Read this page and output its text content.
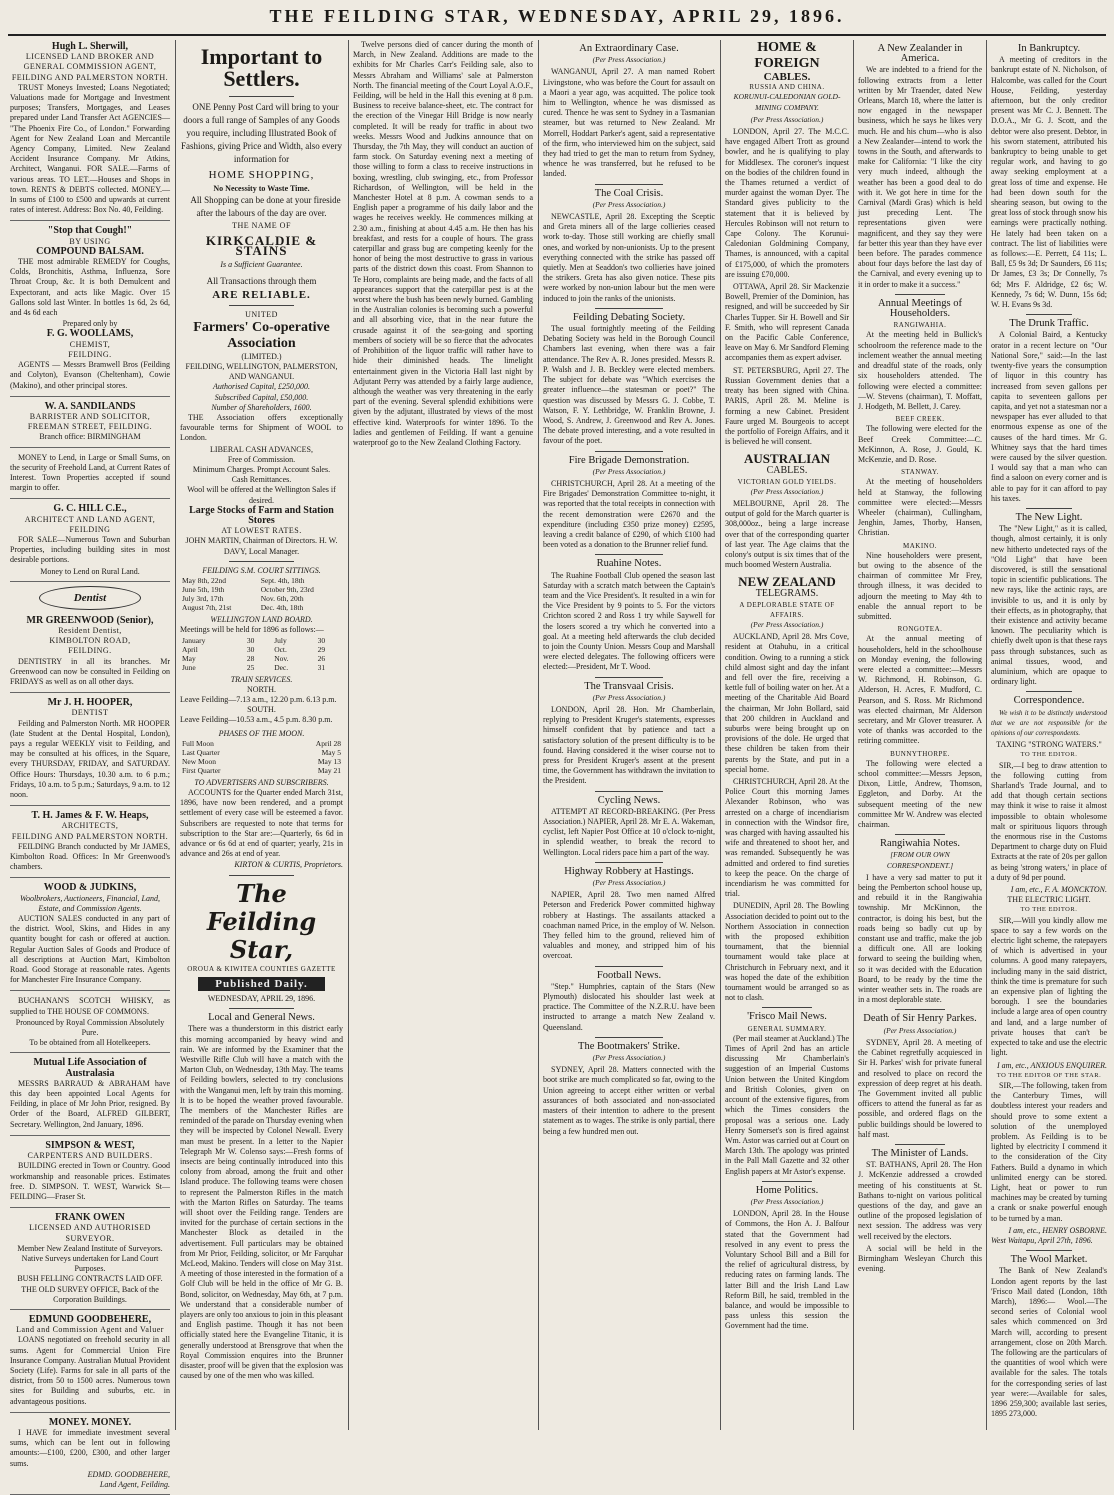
THE FEILDING STAR, WEDNESDAY, APRIL 29, 1896.
Hugh L. Sherwill,
LICENSED LAND BROKER AND
GENERAL COMMISSION AGENT,
FEILDING AND PALMERSTON NORTH.

TRUST Moneys Invested; Loans Negotiated; Valuations made for Mortgage and Investment purposes; Transfers, Mortgages, and Leases prepared under Land Transfer Act AGENCIES— "The Phoenix Fire Co., of London." Forwarding Agent for New Zealand Loan and Mercantile Agency Company, Limited. New Zealand Accident Insurance Company. Mr Atkins, Architect, Wanganui. FOR SALE.—Farms of various areas. TO LET.—Houses and Shops in town. RENTS & DEBTS collected. MONEY.—In sums of £100 to £500 and upwards at current rates of interest. Address: Box No. 40, Feilding.

"Stop that Cough!"
BY USING
COMPOUND BALSAM.

THE most admirable REMEDY for Coughs, Colds, Bronchitis, Asthma, Influenza, Sore Throat Croup, &c. It is both Demulcent and Expectorant, and acts like Magic. Over 15 Gallons sold last Winter. In bottles 1s 6d, 2s 6d, and 4s 6d each

Prepared only by
F. G. WOOLLAMS,
CHEMIST,
FEILDING.

AGENTS — Messrs Bramwell Bros (Feilding and Colyton), Evanson (Cheltenham), Cowie (Makino), and other principal stores.

W. A. SANDILANDS
BARRISTER AND SOLICITOR,
FREEMAN STREET, FEILDING.
Branch office: BIRMINGHAM

MONEY to Lend, in Large or Small Sums, on the security of Freehold Land, at Current Rates of Interest. Town Properties accepted if sound margin to offer.

G. C. HILL C.E.,
ARCHITECT AND LAND AGENT,
FEILDING

FOR SALE—Numerous Town and Suburban Properties, including building sites in most desirable portions.

Money to Lend on Rural Land.
Dentist
MR GREENWOOD (Senior),
Resident Dentist,
KIMBOLTON ROAD,
FEILDING.

DENTISTRY in all its branches. Mr Greenwood can now be consulted in Feilding on FRIDAYS as well as on all other days.

Mr J. H. HOOPER,
DENTIST

Feilding and Palmerston North. MR HOOPER (late Student at the Dental Hospital, London), pays a regular WEEKLY visit to Feilding, and may be consulted at his offices, in the Square, every THURSDAY, FRIDAY, and SATURDAY. Office Hours: Thursdays, 10.30 a.m. to 6 p.m.; Fridays, 10 a.m. to 5 p.m.; Saturdays, 9 a.m. to 12 noon.

T. H. James & F. W. Heaps,
ARCHITECTS,
FEILDING AND PALMERSTON NORTH.

FEILDING Branch conducted by Mr JAMES, Kimbolton Road. Offices: In Mr Greenwood's chambers.

WOOD & JUDKINS,
Woolbrokers, Auctioneers, Financial, Land, Estate, and Commission Agents.

AUCTION SALES conducted in any part of the district. Wool, Skins, and Hides in any quantity bought for cash or offered at auction. Regular Auction Sales of Goods and Produce of all descriptions at Auction Mart, Kimbolton Road. Good Storage at reasonable rates. Agents for Manchester Fire Insurance Company.

BUCHANAN'S SCOTCH WHISKY, as supplied to THE HOUSE OF COMMONS.

Pronounced by Royal Commission Absolutely Pure.
To be obtained from all Hotelkeepers.
Mutual Life Association of Australasia

MESSRS BARRAUD & ABRAHAM have this day been appointed Local Agents for Feilding, in place of Mr John Prior, resigned. By Order of the Board, ALFRED GILBERT, Secretary. Wellington, 2nd January, 1896.

SIMPSON & WEST,
CARPENTERS AND BUILDERS.

BUILDING erected in Town or Country. Good workmanship and reasonable prices. Estimates free. D. SIMPSON. T. WEST, Warwick St—FEILDING—Fraser St.

FRANK OWEN
LICENSED AND AUTHORISED SURVEYOR.
Member New Zealand Institute of Surveyors.
Native Surveys undertaken for Land Court Purposes.
BUSH FELLING CONTRACTS LAID OFF.
THE OLD SURVEY OFFICE, Back of the Corporation Buildings.
EDMUND GOODBEHERE,
Land and Commission Agent and Valuer

LOANS negotiated on freehold security in all sums. Agent for Commercial Union Fire Insurance Company. Australian Mutual Provident Society (Life). Farms for sale in all parts of the district, from 50 to 1500 acres. Numerous town sites for Building and suburbs, etc. in advantageous positions.

MONEY. MONEY.

I HAVE for immediate investment several sums, which can be lent out in following amounts:—£100, £200, £300, and other larger sums.

EDMD. GOODBEHERE,
Land Agent, Feilding.
Important to Settlers.

ONE Penny Post Card will bring to your doors a full range of Samples of any Goods you require, including Illustrated Book of Fashions, giving Price and Width, also every information for

HOME SHOPPING,
No Necessity to Waste Time.

All Shopping can be done at your fireside after the labours of the day are over.

THE NAME OF
KIRKCALDIE & STAINS
Is a Sufficient Guarantee.
All Transactions through them
ARE RELIABLE.
UNITED
Farmers' Co-operative Association
(LIMITED.)
FEILDING, WELLINGTON, PALMERSTON, AND WANGANUI.
Authorised Capital, £250,000.
Subscribed Capital, £50,000.
Number of Shareholders, 1600.

THE Association offers exceptionally favourable terms for Shipment of WOOL to London.

LIBERAL CASH ADVANCES,
Free of Commission.
Minimum Charges. Prompt Account Sales.
Cash Remittances.
Wool will be offered at the Wellington Sales if desired.
Large Stocks of Farm and Station Stores
AT LOWEST RATES.
JOHN MARTIN, Chairman of Directors. H. W. DAVY, Local Manager.
FEILDING S.M. COURT SITTINGS.
May 8th, 22nd	Sept. 4th, 18th
June 5th, 19th	October 9th, 23rd
July 3rd, 17th	Nov. 6th, 20th
August 7th, 21st	Dec. 4th, 18th
WELLINGTON LAND BOARD.
Meetings will be held for 1896 as follows:—
January	30	July	30
April	30	Oct.	29
May	28	Nov.	26
June	25	Dec.	31
TRAIN SERVICES.
NORTH.
Leave Feilding—7.13 a.m., 12.20 p.m. 6.13 p.m.
SOUTH.
Leave Feilding—10.53 a.m., 4.5 p.m. 8.30 p.m.
PHASES OF THE MOON.
Full Moon	April 28
Last Quarter	May 5
New Moon	May 13
First Quarter	May 21
TO ADVERTISERS AND SUBSCRIBERS.

ACCOUNTS for the Quarter ended March 31st, 1896, have now been rendered, and a prompt settlement of every case will be esteemed a favor. Subscribers are requested to note that terms for subscription to the Star are:—Quarterly, 6s 6d in advance or 6s 6d at end of quarter; yearly, 21s in advance and 26s at end of year.

KIRTON & CURTIS, Proprietors.
The Feilding Star,
OROUA & KIWITEA COUNTIES GAZETTE
Published Daily.
WEDNESDAY, APRIL 29, 1896.
Local and General News.

There was a thunderstorm in this district early this morning accompanied by heavy wind and rain. We are informed by the Examiner that the Westville Rifle Club will have a match with the Marton Club, on Wednesday, 13th May. The teams of Feilding bowlers, selected to try conclusions with the Wanganui men, left by train this morning. It is to be hoped the weather proved favourable. The members of the Manchester Rifles are reminded of the parade on Thursday evening when they will be inspected by Colonel Newall. Every man must be present. In a letter to the Napier Telegraph Mr W. Colenso says:—Fresh forms of insects are being continually introduced into this colony from abroad, among the fruit and other Island produce. The following teams were chosen to represent the Palmerston Rifles in the match with the Marton Rifles on Saturday. The teams will shoot over the Feilding range. Tenders are invited for the purchase of certain sections in the Manchester Block as detailed in the advertisement. Full particulars may be obtained from Mr Prior, Feilding, solicitor, or Mr Farquhar McLeod, Makino. Tenders will close on May 31st. A meeting of those interested in the formation of a Golf Club will be held in the office of Mr G. B. Bond, solicitor, on Wednesday, May 6th, at 7 p.m. We understand that a considerable number of players are only too anxious to join in this pleasant and English pastime. Though it has not been officially stated here the Evangeline Titanic, it is generally understood at Brensgrove that when the Royal Commission enquires into the Brunner disaster, proof will be given that the explosion was caused by one of the men who was killed.

Twelve persons died of cancer during the month of March, in New Zealand. Additions are made to the exhibits for Mr Charles Carr's Feilding sale, also to Messrs Abraham and Williams' sale at Palmerston North. The financial meeting of the Court Loyal A.O.F., Feilding, will be held in the Hall this evening at 8 p.m. Business to receive balance-sheet, etc. The contract for the erection of the Vinegar Hill Bridge is now nearly completed. It will be ready for traffic in about two weeks. Messrs Wood and Judkins announce that on Thursday, the 7th May, they will conduct an auction of farm stock. On Saturday evening next a meeting of those willing to form a class to receive instructions in boxing, wrestling, club swinging, etc., from Professor Richardson, of Wellington, will be held in the Manchester Hotel at 8 p.m. A cowman sends to a English paper a programme of his daily labor and the wages he receives weekly. He commences milking at 2.30 a.m., finishing at about 4.45 a.m. He then has his breakfast, and rests for a couple of hours. The grass caterpillar and grass bug are competing keenly for the honor of being the most destructive to grass in various parts of the district down this coast. From Shannon to Te Horo, complaints are being made, and the facts of all appearances support that the caterpillar pest is at the worst where the bush has been newly burned. Gambling in the Australian colonies is becoming such a powerful and all absorbing vice, that in the near future the crusade against it of the sea-going and sporting members of society will be so fierce that the advocates of Prohibition of the liquor traffic will rather have to hide their diminished heads. The limelight entertainment given in the Victoria Hall last night by Adjutant Perry was attended by a fairly large audience, although the weather was very threatening in the early part of the evening. Several splendid exhibitions were given by the adjutant, illustrated by views of the most effective kind. Waterproofs for winter 1896. To the ladies and gentlemen of Feilding. If want a genuine waterproof go to the New Zealand Clothing Factory.

An Extraordinary Case.
(Per Press Association.)

WANGANUI, April 27. A man named Robert Livingstone, who was before the Court for assault on a Maori a year ago, was acquitted. The police took him to Wellington, whence he was dismissed as cured. Thence he was sent to Sydney in a Tasmanian steamer, but was returned to New Zealand. Mr Morrell, Hoddart Parker's agent, said a representative of the firm, who interviewed him on the subject, said they had tried to get the man to return from Sydney, whence he was transferred, but he refused to be landed.

The Coal Crisis.
(Per Press Association.)

NEWCASTLE, April 28. Excepting the Sceptic and Greta miners all of the large collieries ceased work to-day. Those still working are chiefly small ones, and worked by non-unionists. Up to the present everything connected with the strike has passed off quietly. Men at Seaddon's two collieries have joined the strikers. Greta has also given notice. These pits were worked by non-union labour but the men were induced to join the ranks of the unionists.

Feilding Debating Society.

The usual fortnightly meeting of the Feilding Debating Society was held in the Borough Council Chambers last evening, when there was a fair attendance. The Rev A. R. Jones presided. Messrs R. P. Walsh and J. B. Beckley were elected members. The subject for debate was "Which exercises the greater influence—the statesman or poet?" The question was discussed by Messrs G. J. Cobbe, T. Watson, F. Y. Lethbridge, W. Franklin Browne, J. Wood, S. Andrew, J. Greenwood and Rev A. Jones. The debate proved interesting, and a vote resulted in favour of the poet.

Fire Brigade Demonstration.
(Per Press Association.)

CHRISTCHURCH, April 28. At a meeting of the Fire Brigades' Demonstration Committee to-night, it was reported that the total receipts in connection with the recent demonstration were £2670 and the expenditure (including £350 prize money) £2595, leaving a credit balance of £290, of which £100 had been voted as a donation to the Brunner relief fund.

Ruahine Notes.

The Ruahine Football Club opened the season last Saturday with a scratch match between the Captain's team and the Vice President's. It resulted in a win for the Vice President by 9 points to 5. For the victors Crichton scored 2 and Ross 1 try while Saywell for the losers scored a try which he converted into a goal. At a meeting held afterwards the club decided to join the County Union. Messrs Coup and Marshall were elected delegates. The following officers were elected:—President, Mr T. Wood.

The Transvaal Crisis.
(Per Press Association.)

LONDON, April 28. Hon. Mr Chamberlain, replying to President Kruger's statements, expresses himself confident that by patience and tact a satisfactory solution of the present difficulty is to be found. Having considered it the wiser course not to press for President Kruger's assent at the present time, the Government has withdrawn the invitation to the President.

Cycling News.

ATTEMPT AT RECORD-BREAKING. (Per Press Association.) NAPIER, April 28. Mr E. A. Wakeman, cyclist, left Napier Post Office at 10 o'clock to-night, in splendid weather, to break the record to Wellington. Local riders pace him a part of the way.

Highway Robbery at Hastings.
(Per Press Association.)

NAPIER, April 28. Two men named Alfred Peterson and Frederick Power committed highway robbery at Hastings. The assailants attacked a coachman named Price, in the employ of W. Nelson. They felled him to the ground, relieved him of valuables and money, and stripped him of his overcoat.

Football News.

"Step." Humphries, captain of the Stars (New Plymouth) dislocated his shoulder last week at practice. The Committee of the N.Z.R.U. have been instructed to arrange a match New Zealand v. Queensland.

The Bootmakers' Strike.
(Per Press Association.)

SYDNEY, April 28. Matters connected with the boot strike are much complicated so far, owing to the Union agreeing to accept either written or verbal assurances of both associated and non-associated masters of their intention to adhere to the present statement as to wages. The strike is only partial, there being a few hundred men out.

HOME & FOREIGN
CABLES.
RUSSIA AND CHINA.
KORUNUI-CALEDONIAN GOLD-MINING COMPANY.
(Per Press Association.)

LONDON, April 27. The M.C.C. have engaged Albert Trott as ground bowler, and he is qualifying to play for Middlesex. The coroner's inquest on the bodies of the children found in the Thames returned a verdict of murder against the woman Dyer. The Standard gives publicity to the statement that it is believed by Hercules Robinson will not return to Cape Colony. The Korunui-Caledonian Goldmining Company, Thames, is announced, with a capital of £175,000, of which the promoters are issuing £70,000.

OTTAWA, April 28. Sir Mackenzie Bowell, Premier of the Dominion, has resigned, and will be succeeded by Sir Charles Tupper. Sir H. Bowell and Sir F. Smith, who will represent Canada on the Pacific Cable Conference, leave on May 6. Mr Sandford Fleming accompanies them as expert adviser.

ST. PETERSBURG, April 27. The Russian Government denies that a treaty has been signed with China. PARIS, April 28. M. Meline is forming a new Cabinet. President Faure urged M. Bourgeois to accept the portfolio of Foreign Affairs, and it is believed he will consent.

AUSTRALIAN
CABLES.
VICTORIAN GOLD YIELDS.
(Per Press Association.)

MELBOURNE, April 28. The output of gold for the March quarter is 308,000oz., being a large increase over that of the corresponding quarter of last year. The Age claims that the colony's output is six times that of the much boomed Western Australia.

NEW ZEALAND
TELEGRAMS.
A DEPLORABLE STATE OF AFFAIRS.
(Per Press Association.)

AUCKLAND, April 28. Mrs Cove, resident at Otahuhu, in a critical condition. Owing to a running a stick child almost sight and day the infant and fell over the fire, receiving a kettle full of boiling water on her. At a meeting of the Charitable Aid Board the chairman, Mr John Bollard, said that 200 children in Auckland and suburbs were being brought up on provisions of the dole. He urged that these children be taken from their parents by the State, and put in a special home.

CHRISTCHURCH, April 28. At the Police Court this morning James Alexander Robinson, who was arrested on a charge of incendiarism in connection with the Windsor fire, was charged with having assaulted his wife and threatened to shoot her, and was remanded. Subsequently he was admitted and ordered to find sureties to keep the peace. On the charge of incendiarism he was committed for trial.

DUNEDIN, April 28. The Bowling Association decided to point out to the Northern Association in connection with the proposed exhibition tournament, that the biennial tournament would take place at Christchurch in February next, and it was hoped the date of the exhibition tournament would be arranged so as not to clash.

'Frisco Mail News.
GENERAL SUMMARY.

(Per mail steamer at Auckland.) The Times of April 2nd has an article discussing Mr Chamberlain's suggestion of an Imperial Customs Union between the United Kingdom and British Colonies, given on account of the extensive figures, from which the Times considers the proposal was a serious one. Lady Henry Somerset's son is fired against Wm. Astor was carried out at Court on March 13th. The apology was printed in the Pall Mall Gazette and 32 other English papers at Mr Astor's expense.

Home Politics.
(Per Press Association.)

LONDON, April 28. In the House of Commons, the Hon A. J. Balfour stated that the Government had resolved in any event to press the Voluntary School Bill and a Bill for the relief of agricultural distress, by reducing rates on farming lands. The latter Bill and the Irish Land Law Reform Bill, he said, trembled in the balance, and would be impossible to pass unless this session the Government had the time.

A New Zealander in America.

We are indebted to a friend for the following extracts from a letter written by Mr Traender, dated New Orleans, March 18, where the latter is now engaged in the newspaper business, which he says he likes very much. He and his chum—who is also a New Zealander—intend to work the towns in the South, and afterwards to make for California: "I like the city very much indeed, although the weather has been a good deal to do with it. We got here in time for the Carnival (Mardi Gras) which is held just preceding Lent. The representations given were magnificent, and they say they were far better this year than they have ever been before. The parades commence about four days before the last day of the Carnival, and every evening up to it in order to make it a success."

Annual Meetings of Householders.
RANGIWAHIA.

At the meeting held in Bullick's schoolroom the reference made to the inclement weather the annual meeting and dreadful state of the roads, only six householders attended. The following were elected a committee:—W. Stevens (chairman), T. Moffatt, J. Hodgeth, M. Bellett, J. Carey.

BEEF CREEK.

The following were elected for the Beef Creek Committee:—C. McKinnon, A. Rose, J. Gould, K. McKenzie, and D. Rose.

STANWAY.

At the meeting of householders held at Stanway, the following committee were elected:—Messrs Wheeler (chairman), Cullingham, Jenghin, James, Thorby, Hansen, Christian.

MAKINO.

Nine householders were present, but owing to the absence of the chairman of committee Mr Frey, through illness, it was decided to adjourn the meeting to May 4th to enable the annual report to be submitted.

RONGOTEA.

At the annual meeting of householders, held in the schoolhouse on Monday evening, the following were elected a committee:—Messrs W. Richmond, H. Robinson, G. Alderson, H. Acres, F. Mudford, C. Pearson, and S. Ross. Mr Richmond was elected chairman, Mr Alderson secretary, and Mr Glover treasurer. A vote of thanks was accorded to the retiring committee.

BUNNYTHORPE.

The following were elected a school committee:—Messrs Jepson, Dixon, Little, Andrew, Thomson, Eggleton, and Dorby. At the subsequent meeting of the new committee Mr W. Andrew was elected chairman.

Rangiwahia Notes.
[FROM OUR OWN CORRESPONDENT.]

I have a very sad matter to put it being the Pemberton school house up, and rebuild it in the Rangiwahia township. Mr McKinnon, the contractor, is doing his best, but the roads being so badly cut up by constant use and traffic, make the job a difficult one. All are looking forward to seeing the building when, so it was decided with the Education Board, to be ready by the time the winter weather sets in. The roads are in a most deplorable state.

Death of Sir Henry Parkes.
(Per Press Association.)

SYDNEY, April 28. A meeting of the Cabinet regretfully acquiesced in Sir H. Parkes' wish for private funeral and resolved to place on record the expression of deep regret at his death. The Government invited all public officers to attend the funeral as far as possible, and ordered flags on the public buildings should be lowered to half mast.

The Minister of Lands.

ST. BATHANS, April 28. The Hon J. McKenzie addressed a crowded meeting of his constituents at St. Bathans to-night on various political questions of the day, and gave an outline of the proposed legislation of next session. The address was very well received by the electors.

A social will be held in the Birmingham Wesleyan Church this evening.

In Bankruptcy.

A meeting of creditors in the bankrupt estate of N. Nicholson, of Halcombe, was called for the Court House, Feilding, yesterday afternoon, but the only creditor present was Mr C. J. Bennett. The D.O.A., Mr G. J. Scott, and the debtor were also present. Debtor, in his sworn statement, attributed his bankruptcy to being unable to get regular work, and having to go away seeking employment at a great loss of time and expense. He had been down south for the shearing season, but owing to the great loss of stock through snow his earnings were practically nothing. He lately had been taken on a contract. The list of liabilities were as follows:—E. Perrett, £4 11s; L. Ball, £5 9s 3d; Dr Saunders, £6 11s; Dr James, £3 3s; Dr Connelly, 7s 6d; Mrs F. Aldridge, £2 6s; W. Kennedy, 7s 6d; W. Dunn, 15s 6d; W. H. Evans 9s 3d.

The Drunk Traffic.

A Colonial Baird, a Kentucky orator in a recent lecture on "Our National Sore," said:—In the last twenty-five years the consumption of liquor in this country has increased from seven gallons per capita to seventeen gallons per capita, and yet not a statesman nor a newspaper has ever alluded to that enormous expense as one of the causes of the hard times. Mr G. Whitney says that the hard times were caused by the silver question. I would say that a man who can find a saloon on every corner and is able to pay for it can afford to pay his taxes.

The New Light.

The "New Light," as it is called, though, almost certainly, it is only new hitherto undetected rays of the "Old Light" that have been discovered, is still the sensational topic in scientific publications. The new rays, like the actinic rays, are invisible to us, and it is only by their effects, as in photography, that their existence and activity became known. The peculiarity which is chiefly dwelt upon is that these rays pass through substances, such as animal tissues, wood, and aluminium, which are opaque to ordinary light.

Correspondence.

We wish it to be distinctly understood that we are not responsible for the opinions of our correspondents.

TAXING "STRONG WATERS."
TO THE EDITOR.

SIR,—I beg to draw attention to the following cutting from Sharland's Trade Journal, and to add that though certain sections may think it wise to raise it almost impossible to obtain wholesome malt or spirituous liquors through the enormous rise in the Customs Department to charge duty on Fluid Extracts at the rate of 20s per gallon as being 'strong waters,' in place of a duty of 9d per pound.

I am, etc., F. A. MONCKTON.
THE ELECTRIC LIGHT.
TO THE EDITOR.

SIR,—Will you kindly allow me space to say a few words on the electric light scheme, the ratepayers of which is advertised in your columns. A good many ratepayers, including many in the said district, think the time is premature for such an expensive plan of lighting the borough. I see the boundaries include a large area of open country and land, and a large number of private houses that can't be expected to take and use the electric light.

I am, etc., ANXIOUS ENQUIRER.
TO THE EDITOR OF THE STAR.

SIR,—The following, taken from the Canterbury Times, will doubtless interest your readers and should prove to some extent a solution of the unemployed problem. As Feilding is to be lighted by electricity I commend it to the consideration of the City Fathers. Build a dynamo in which unlimited energy can be stored. Light, heat or power to run machines may be created by turning a crank or snake powerful enough to be turned by a man.

I am, etc., HENRY OSBORNE.
West Waitapu, April 27th, 1896.
The Wool Market.

The Bank of New Zealand's London agent reports by the last 'Frisco Mail dated (London, 18th March), 1896:— Wool.—The second series of Colonial wool sales which commenced on 3rd March will, according to present arrangement, close on 20th March. The following are the particulars of the quantities of wool which were available for the sales. The totals for the corresponding series of last year were:—Available for sales, 1896 259,300; available last series, 1895 273,000.
